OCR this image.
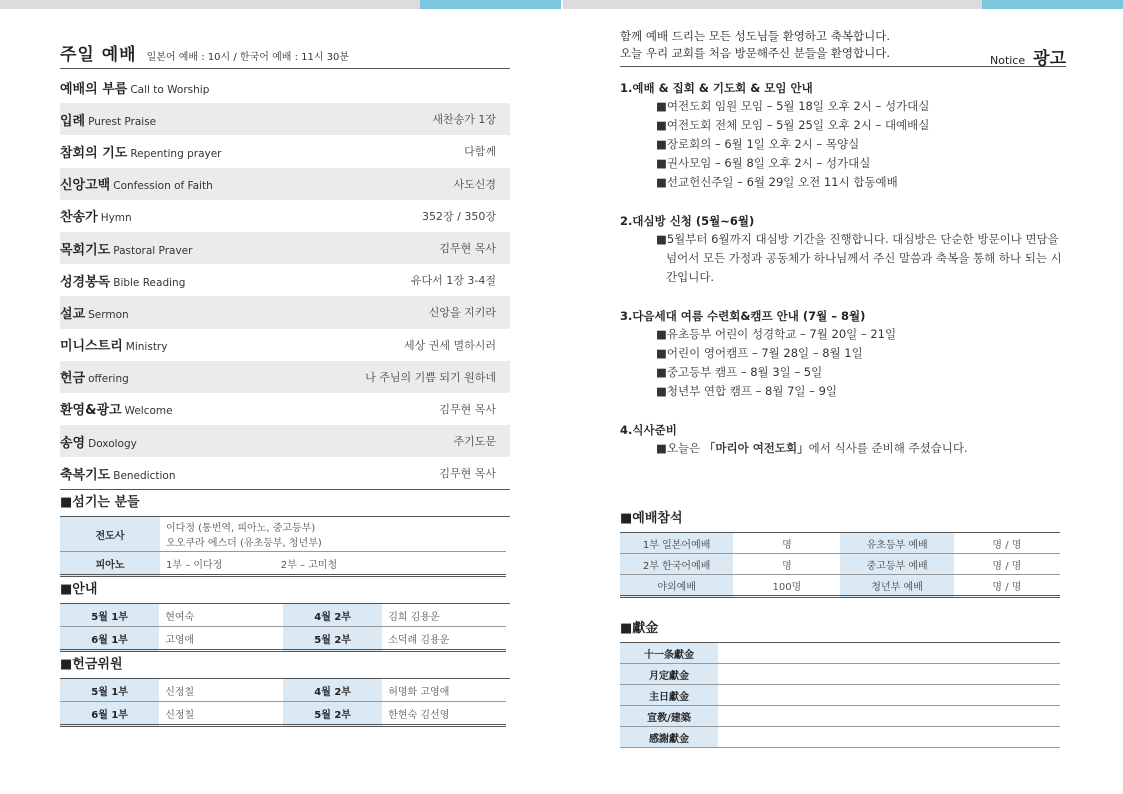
주일 예배 일본어 예배 : 10시 / 한국어 예배 : 11시 30분
예배의 부름 Call to Worship
입례 Purest Praise	새찬송가 1장
참회의 기도 Repenting prayer	다함께
신앙고백 Confession of Faith	사도신경
찬송가 Hymn	352장 / 350장
목회기도 Pastoral Praver	김무현 목사
성경봉독 Bible Reading	유다서 1장 3-4절
설교 Sermon	신앙을 지키라
미니스트리 Ministry	세상 권세 멸하시러
헌금 offering	나 주님의 기쁨 되기 원하네
환영&광고 Welcome	김무현 목사
송영 Doxology	주기도문
축복기도 Benediction	김무현 목사
■섬기는 분들
전도사	이다정 (통번역, 피아노, 중고등부)
오오쿠라 에스더 (유초등부, 청년부)

피아노	1부 – 이다정 2부 – 고미청
■안내
5월 1부	현여숙	4월 2부	김희 김용운
6월 1부	고영애	5월 2부	소덕례 김용운
■헌금위원
5월 1부	신정칠	4월 2부	허명화 고영애
6월 1부	신정칠	5월 2부	한현숙 김선영
함께 예배 드리는 모든 성도님들 환영하고 축복합니다.
오늘 우리 교회를 처음 방문해주신 분들을 환영합니다.
Notice 광고
1.예배 & 집회 & 기도회 & 모임 안내
■여전도회 임원 모임 – 5월 18일 오후 2시 – 성가대실
■여전도회 전체 모임 – 5월 25일 오후 2시 – 대예배실
■장로회의 – 6월 1일 오후 2시 – 목양실
■권사모임 – 6월 8일 오후 2시 – 성가대실
■선교헌신주일 – 6월 29일 오전 11시 합동예배
2.대심방 신청 (5월~6월)
■5월부터 6월까지 대심방 기간을 진행합니다. 대심방은 단순한 방문이나 면담을 넘어서 모든 가정과 공동체가 하나님께서 주신 말씀과 축복을 통해 하나 되는 시간입니다.
3.다음세대 여름 수련회&캠프 안내 (7월 – 8월)
■유초등부 어린이 성경학교 – 7월 20일 – 21일
■어린이 영어캠프 – 7월 28일 – 8월 1일
■중고등부 캠프 – 8월 3일 – 5일
■청년부 연합 캠프 – 8월 7일 – 9일
4.식사준비
■오늘은 「마리아 여전도회」에서 식사를 준비해 주셨습니다.
■예배참석
1부 일본어예배	명	유초등부 예배	명 / 명
2부 한국어예배	명	중고등부 예배	명 / 명
야외예배	100명	청년부 예배	명 / 명
■獻金
十一条獻金	
月定獻金	
主日獻金	
宣教/建築	
感謝獻金	
